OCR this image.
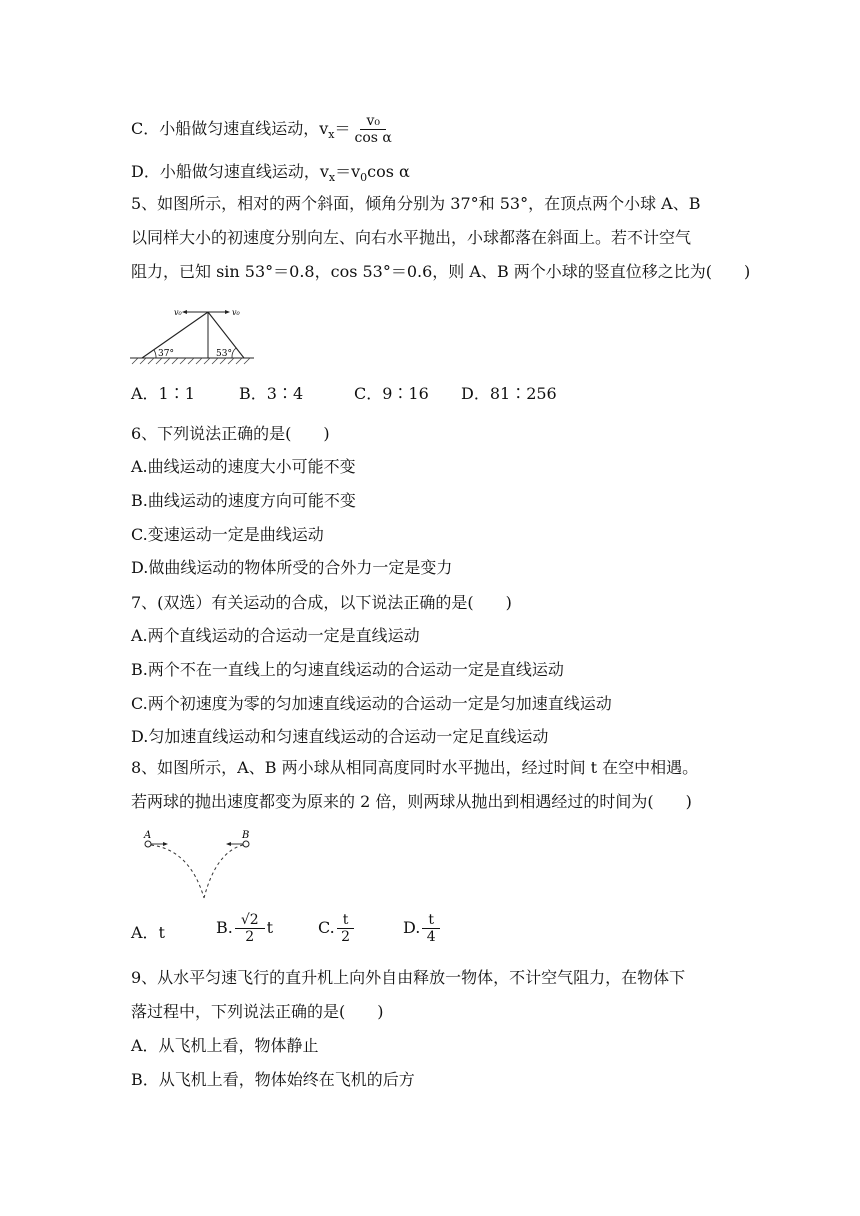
C．小船做匀速直线运动，$v_x= \frac{\text{v₀}}{\text{cos α}}$
D．小船做匀速直线运动，$v_x=v_0\cos$ α
5、如图所示，相对的两个斜面，倾角分别为 37°和 53°，在顶点两个小球 A、B
以同样大小的初速度分别向左、向右水平抛出，小球都落在斜面上。若不计空气
阻力，已知 sin 53°＝0.8，cos 53°＝0.6，则 A、B 两个小球的竖直位移之比为(　　)
v₀	v₀
37°	53°
A．1∶1	B．3∶4	C．9∶16 D．81∶256
6、下列说法正确的是(　　)
A.曲线运动的速度大小可能不变
B.曲线运动的速度方向可能不变
C.变速运动一定是曲线运动
D.做曲线运动的物体所受的合外力一定是变力
7、(双选）有关运动的合成，以下说法正确的是(　　)
A.两个直线运动的合运动一定是直线运动
B.两个不在一直线上的匀速直线运动的合运动一定是直线运动
C.两个初速度为零的匀加速直线运动的合运动一定是匀加速直线运动
D.匀加速直线运动和匀速直线运动的合运动一定足直线运动
8、如图所示，A、B 两小球从相同高度同时水平抛出，经过时间 t 在空中相遇。
若两球的抛出速度都变为原来的 2 倍，则两球从抛出到相遇经过的时间为(　　)
A	B
A．t	B. $\frac{√2}{2}$ t	C. $\frac{t}{2}$	D. $\frac{t}{4}$
9、从水平匀速飞行的直升机上向外自由释放一物体，不计空气阻力，在物体下
落过程中，下列说法正确的是(　　)
A．从飞机上看，物体静止
B．从飞机上看，物体始终在飞机的后方
